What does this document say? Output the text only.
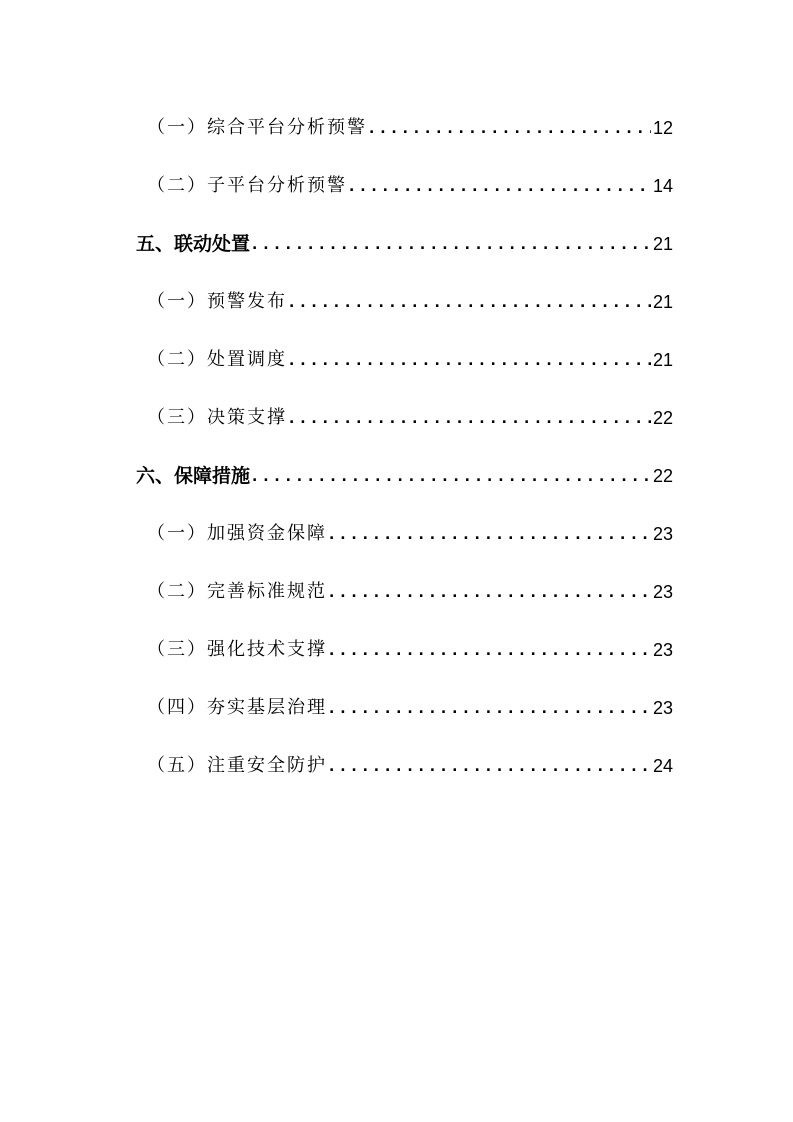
（一）综合平台分析预警 . . .	12
（二）子平台分析预警 . . .	14
五、联动处置 . . .	21
（一）预警发布 . . .	21
（二）处置调度 . . .	21
（三）决策支撑 . . .	22
六、保障措施 . . .	22
（一）加强资金保障 . . .	23
（二）完善标准规范 . . .	23
（三）强化技术支撑 . . .	23
（四）夯实基层治理 . . .	23
（五）注重安全防护 . . .	24
